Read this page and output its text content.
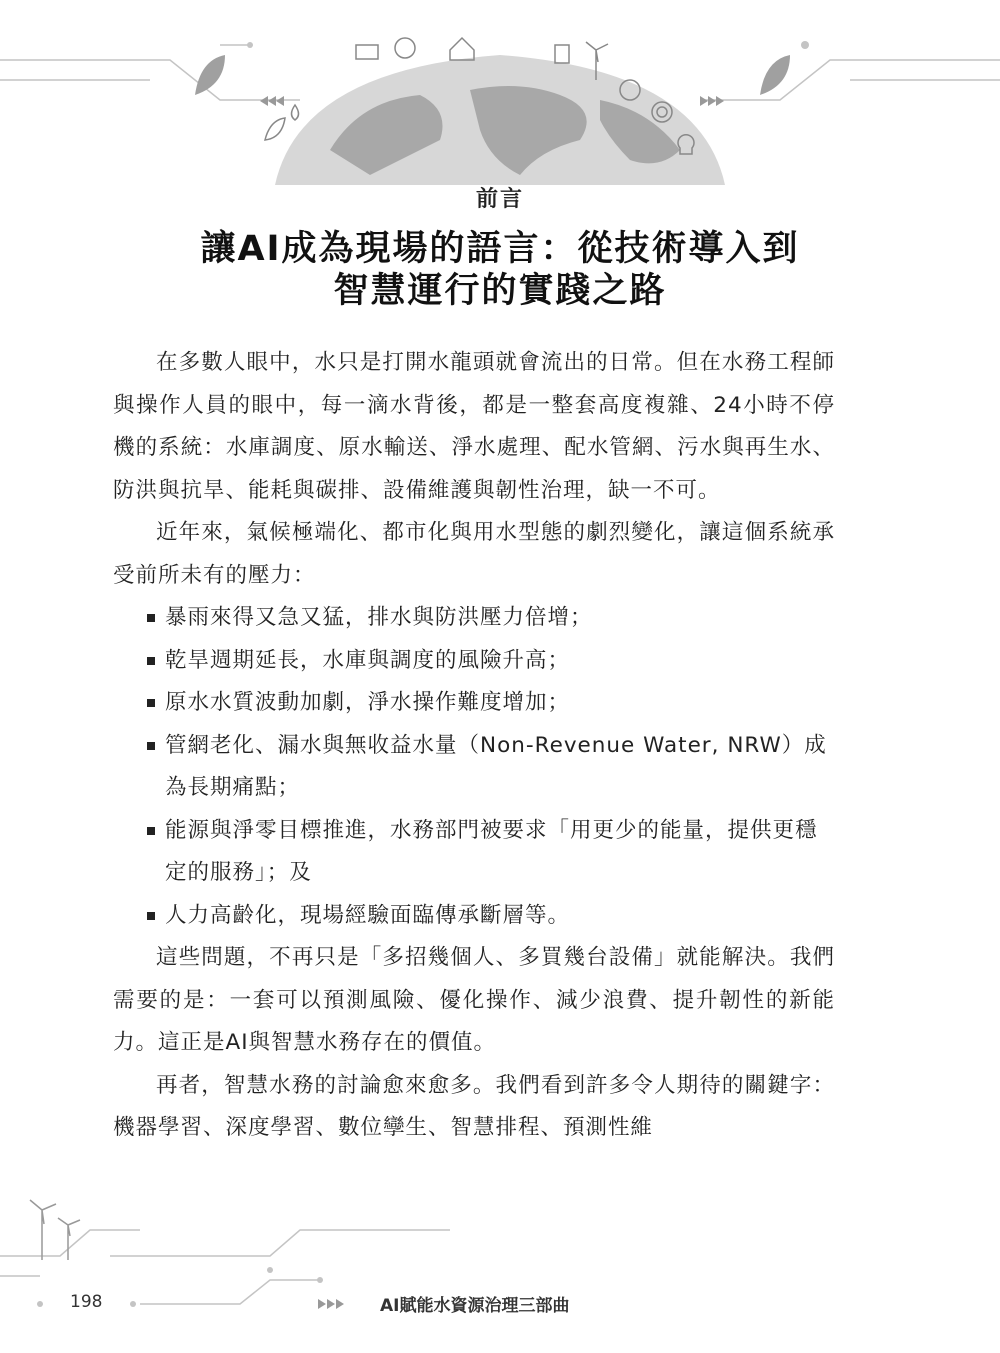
前言
讓AI成為現場的語言：從技術導入到
智慧運行的實踐之路

在多數人眼中，水只是打開水龍頭就會流出的日常。但在水務工程師與操作人員的眼中，每一滴水背後，都是一整套高度複雜、24小時不停機的系統：水庫調度、原水輸送、淨水處理、配水管網、污水與再生水、防洪與抗旱、能耗與碳排、設備維護與韌性治理，缺一不可。

近年來，氣候極端化、都市化與用水型態的劇烈變化，讓這個系統承受前所未有的壓力：

暴雨來得又急又猛，排水與防洪壓力倍增；
乾旱週期延長，水庫與調度的風險升高；
原水水質波動加劇，淨水操作難度增加；
管網老化、漏水與無收益水量（Non-Revenue Water, NRW）成為長期痛點；
能源與淨零目標推進，水務部門被要求「用更少的能量，提供更穩定的服務」；及
人力高齡化，現場經驗面臨傳承斷層等。

這些問題，不再只是「多招幾個人、多買幾台設備」就能解決。我們需要的是：一套可以預測風險、優化操作、減少浪費、提升韌性的新能力。這正是AI與智慧水務存在的價值。

再者，智慧水務的討論愈來愈多。我們看到許多令人期待的關鍵字：機器學習、深度學習、數位孿生、智慧排程、預測性維

198	AI賦能水資源治理三部曲
